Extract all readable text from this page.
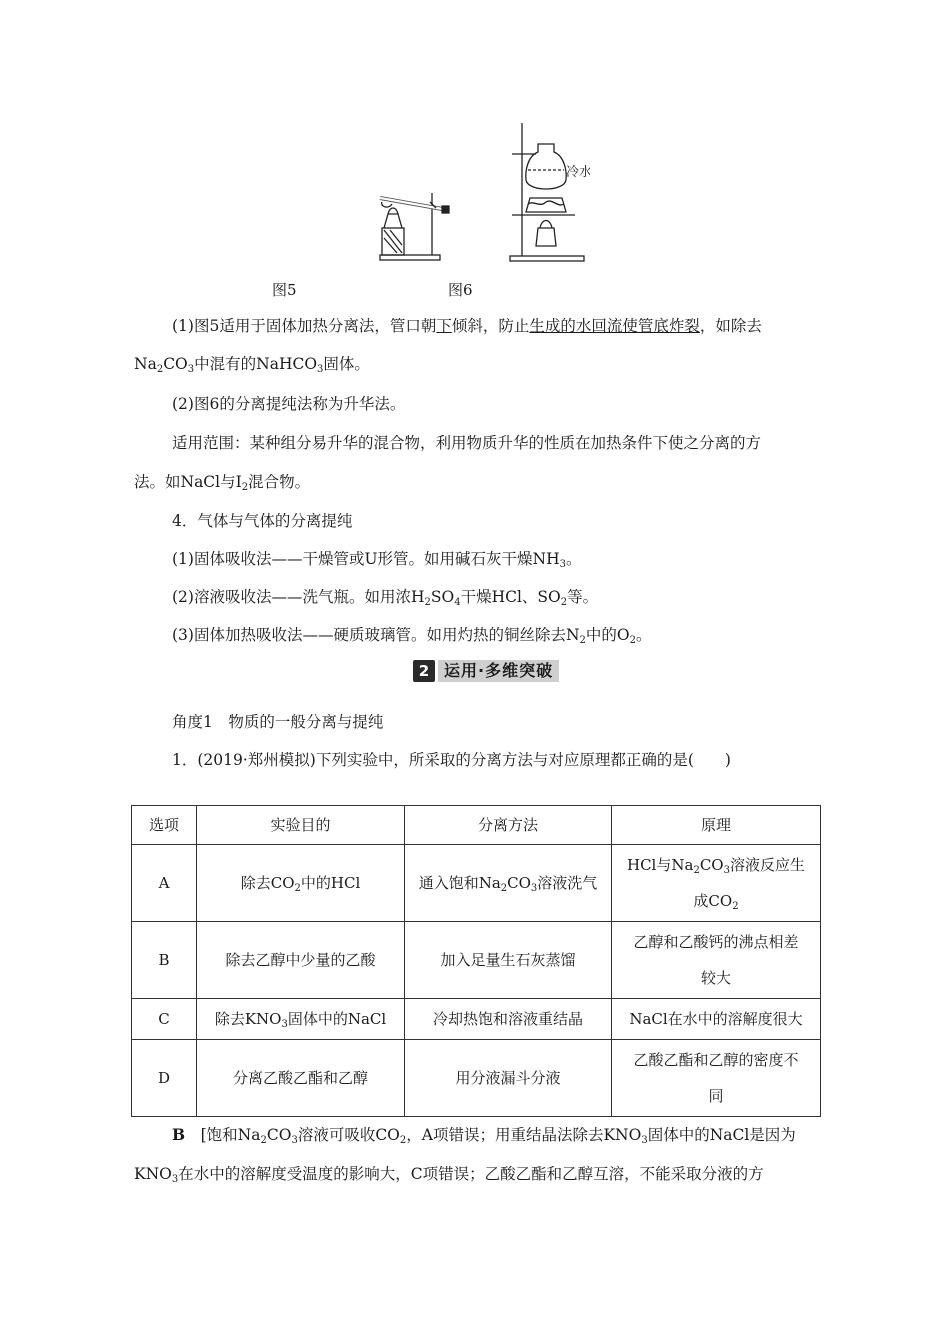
冷水
图5	图6
(1)图5适用于固体加热分离法，管口朝下倾斜，防止生成的水回流使管底炸裂，如除去
$Na_2CO_3$中混有的NaHCO$_3$固体。
(2)图6的分离提纯法称为升华法。
适用范围：某种组分易升华的混合物，利用物质升华的性质在加热条件下使之分离的方
法。如NaCl与$I_2$混合物。
4．气体与气体的分离提纯
(1)固体吸收法——干燥管或U形管。如用碱石灰干燥$NH_3$。
(2)溶液吸收法——洗气瓶。如用浓$H_2SO_4$干燥HCl、$SO_2$等。
(3)固体加热吸收法——硬质玻璃管。如用灼热的铜丝除去$N_2$中的$O_2$。
2 运用·多维突破
角度1　物质的一般分离与提纯
1．(2019·郑州模拟)下列实验中，所采取的分离方法与对应原理都正确的是(　　)
选项	实验目的	分离方法	原理
A	除去$CO_2$中的HCl	通入饱和$Na_2CO_3$溶液洗气	HCl与$Na_2CO_3$溶液反应生
成$CO_2$
B	除去乙醇中少量的乙酸	加入足量生石灰蒸馏	乙醇和乙酸钙的沸点相差
较大
C	除去$KNO_3$固体中的NaCl	冷却热饱和溶液重结晶	NaCl在水中的溶解度很大
D	分离乙酸乙酯和乙醇	用分液漏斗分液	乙酸乙酯和乙醇的密度不
同
B　 [饱和$Na_2CO_3$溶液可吸收$CO_2$，A项错误；用重结晶法除去$KNO_3$固体中的NaCl是因为
$KNO_3$在水中的溶解度受温度的影响大，C项错误；乙酸乙酯和乙醇互溶，不能采取分液的方
